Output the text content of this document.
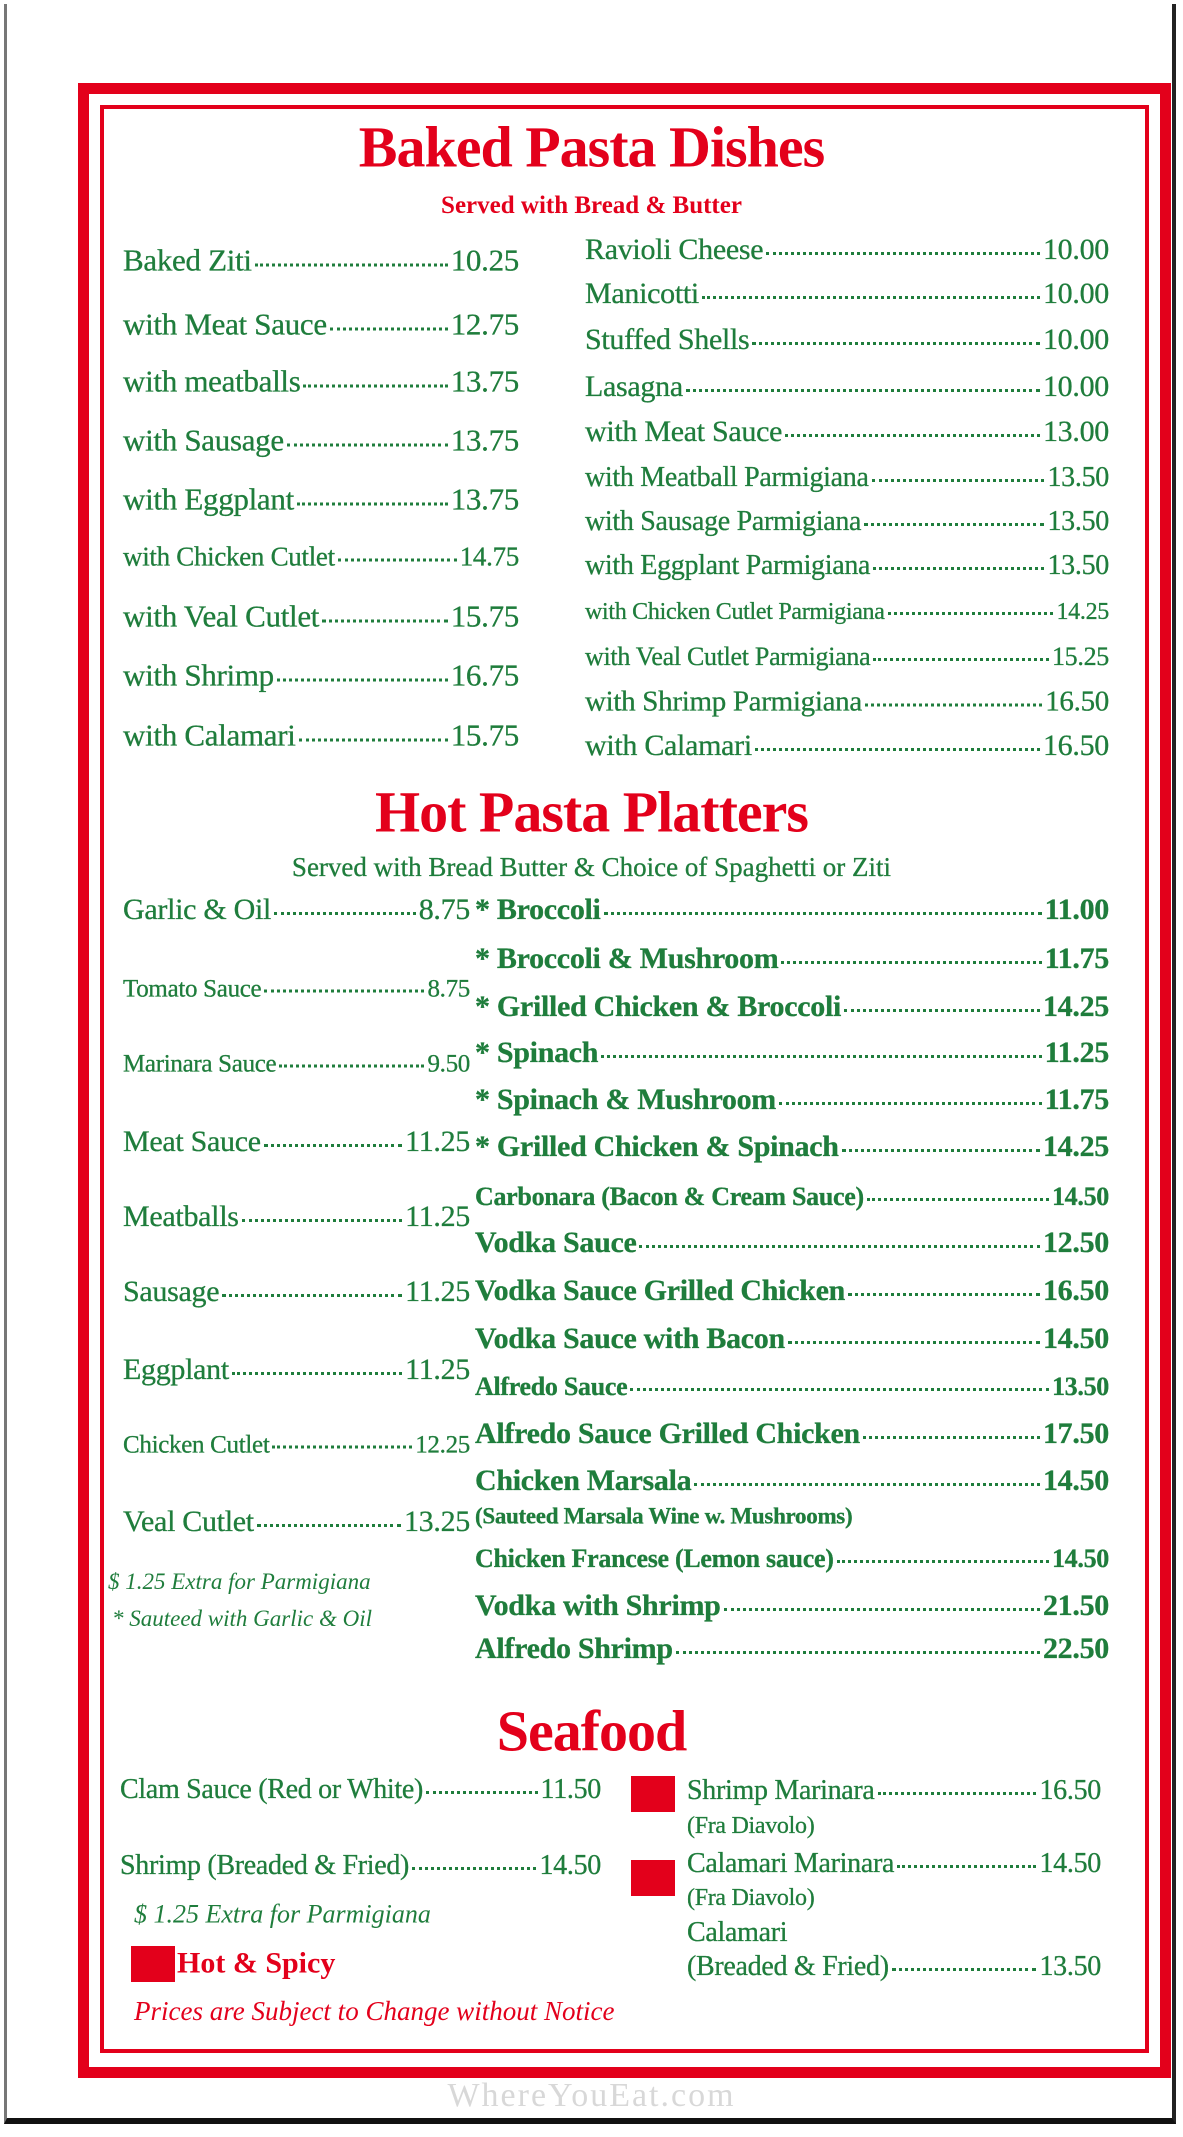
WhereYouEat.com
Baked Pasta Dishes
Served with Bread & Butter
Hot Pasta Platters
Served with Bread Butter & Choice of Spaghetti or Ziti
$ 1.25 Extra for Parmigiana
* Sauteed with Garlic & Oil
Seafood
$ 1.25 Extra for Parmigiana
Hot & Spicy
Prices are Subject to Change without Notice
Baked Ziti	10.25
with Meat Sauce	12.75
with meatballs	13.75
with Sausage	13.75
with Eggplant	13.75
with Chicken Cutlet	14.75
with Veal Cutlet	15.75
with Shrimp	16.75
with Calamari	15.75
Ravioli Cheese	10.00
Manicotti	10.00
Stuffed Shells	10.00
Lasagna	10.00
with Meat Sauce	13.00
with Meatball Parmigiana	13.50
with Sausage Parmigiana	13.50
with Eggplant Parmigiana	13.50
with Chicken Cutlet Parmigiana	14.25
with Veal Cutlet Parmigiana	15.25
with Shrimp Parmigiana	16.50
with Calamari	16.50
Garlic & Oil	8.75
Tomato Sauce	8.75
Marinara Sauce	9.50
Meat Sauce	11.25
Meatballs	11.25
Sausage	11.25
Eggplant	11.25
Chicken Cutlet	12.25
Veal Cutlet	13.25
* Broccoli	11.00
* Broccoli & Mushroom	11.75
* Grilled Chicken & Broccoli	14.25
* Spinach	11.25
* Spinach & Mushroom	11.75
* Grilled Chicken & Spinach	14.25
Carbonara (Bacon & Cream Sauce)	14.50
Vodka Sauce	12.50
Vodka Sauce Grilled Chicken	16.50
Vodka Sauce with Bacon	14.50
Alfredo Sauce	13.50
Alfredo Sauce Grilled Chicken	17.50
Chicken Marsala	14.50
(Sauteed Marsala Wine w. Mushrooms)
Chicken Francese (Lemon sauce)	14.50
Vodka with Shrimp	21.50
Alfredo Shrimp	22.50
Clam Sauce (Red or White)	11.50
Shrimp (Breaded & Fried)	14.50
Shrimp Marinara	16.50
(Fra Diavolo)
Calamari Marinara	14.50
(Fra Diavolo)
Calamari
(Breaded & Fried)	13.50
